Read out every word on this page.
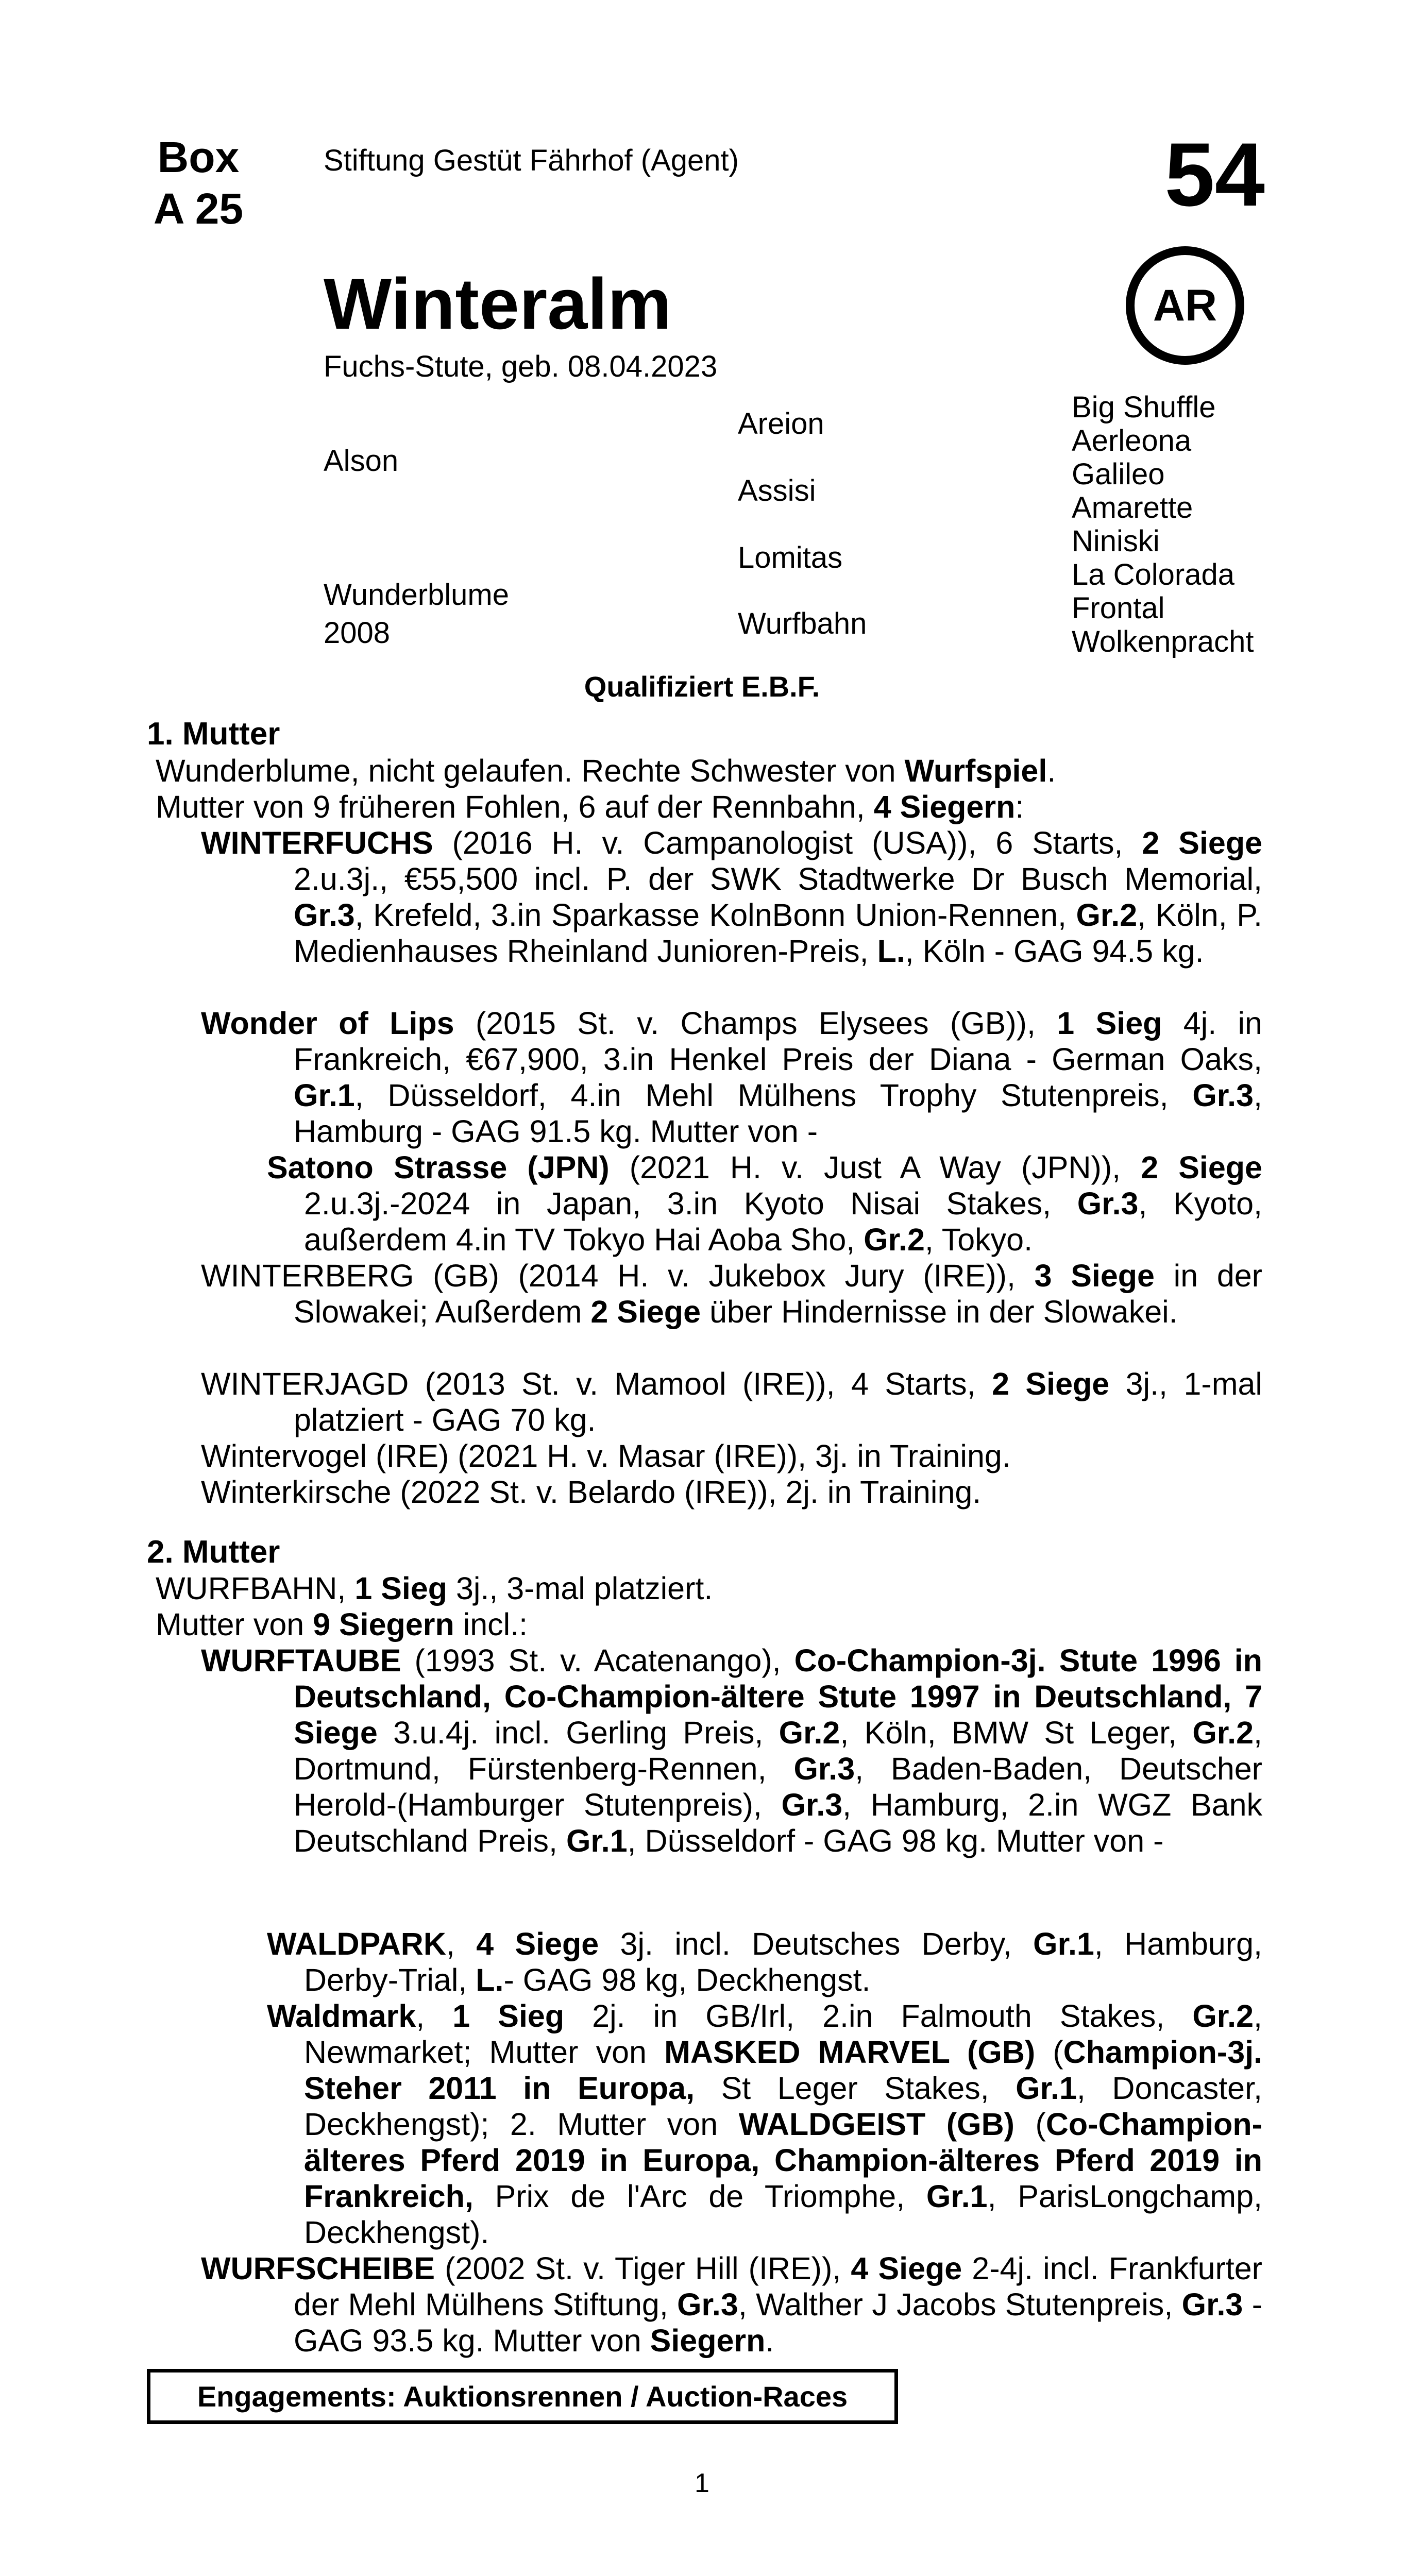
Box
A 25
Stiftung Gestüt Fährhof (Agent)	54
AR
Winteralm
Fuchs-Stute, geb. 08.04.2023
Alson
Wunderblume
2008
Areion
Assisi
Lomitas
Wurfbahn
Big Shuffle
Aerleona
Galileo
Amarette
Niniski
La Colorada
Frontal
Wolkenpracht
Qualifiziert E.B.F.
1. Mutter
Wunderblume, nicht gelaufen. Rechte Schwester von Wurfspiel.
Mutter von 9 früheren Fohlen, 6 auf der Rennbahn, 4 Siegern:
WINTERFUCHS (2016 H. v. Campanologist (USA)), 6 Starts, 2 Siege 2.u.3j., €55,500 incl. P. der SWK Stadtwerke Dr Busch Memorial, Gr.3, Krefeld, 3.in Sparkasse KolnBonn Union-Rennen, Gr.2, Köln, P. Medienhauses Rheinland Junioren-Preis, L., Köln - GAG 94.5 kg.
Wonder of Lips (2015 St. v. Champs Elysees (GB)), 1 Sieg 4j. in Frankreich, €67,900, 3.in Henkel Preis der Diana - German Oaks, Gr.1, Düsseldorf, 4.in Mehl Mülhens Trophy Stutenpreis, Gr.3, Hamburg - GAG 91.5 kg. Mutter von -
Satono Strasse (JPN) (2021 H. v. Just A Way (JPN)), 2 Siege 2.u.3j.-2024 in Japan, 3.in Kyoto Nisai Stakes, Gr.3, Kyoto, außerdem 4.in TV Tokyo Hai Aoba Sho, Gr.2, Tokyo.
WINTERBERG (GB) (2014 H. v. Jukebox Jury (IRE)), 3 Siege in der Slowakei; Außerdem 2 Siege über Hindernisse in der Slowakei.
WINTERJAGD (2013 St. v. Mamool (IRE)), 4 Starts, 2 Siege 3j., 1-mal platziert - GAG 70 kg.
Wintervogel (IRE) (2021 H. v. Masar (IRE)), 3j. in Training.
Winterkirsche (2022 St. v. Belardo (IRE)), 2j. in Training.
2. Mutter
WURFBAHN, 1 Sieg 3j., 3-mal platziert.
Mutter von 9 Siegern incl.:
WURFTAUBE (1993 St. v. Acatenango), Co-Champion-3j. Stute 1996 in Deutschland, Co-Champion-ältere Stute 1997 in Deutschland, 7 Siege 3.u.4j. incl. Gerling Preis, Gr.2, Köln, BMW St Leger, Gr.2, Dortmund, Fürstenberg-Rennen, Gr.3, Baden-Baden, Deutscher Herold-(Hamburger Stutenpreis), Gr.3, Hamburg, 2.in WGZ Bank Deutschland Preis, Gr.1, Düsseldorf - GAG 98 kg. Mutter von -
WALDPARK, 4 Siege 3j. incl. Deutsches Derby, Gr.1, Hamburg, Derby-Trial, L.- GAG 98 kg, Deckhengst.
Waldmark, 1 Sieg 2j. in GB/Irl, 2.in Falmouth Stakes, Gr.2, Newmarket; Mutter von MASKED MARVEL (GB) (Champion-3j. Steher 2011 in Europa, St Leger Stakes, Gr.1, Doncaster, Deckhengst); 2. Mutter von WALDGEIST (GB) (Co-Champion-älteres Pferd 2019 in Europa, Champion-älteres Pferd 2019 in Frankreich, Prix de l'Arc de Triomphe, Gr.1, ParisLongchamp, Deckhengst).
WURFSCHEIBE (2002 St. v. Tiger Hill (IRE)), 4 Siege 2-4j. incl. Frankfurter der Mehl Mülhens Stiftung, Gr.3, Walther J Jacobs Stutenpreis, Gr.3 - GAG 93.5 kg. Mutter von Siegern.
Engagements: Auktionsrennen / Auction-Races
1
